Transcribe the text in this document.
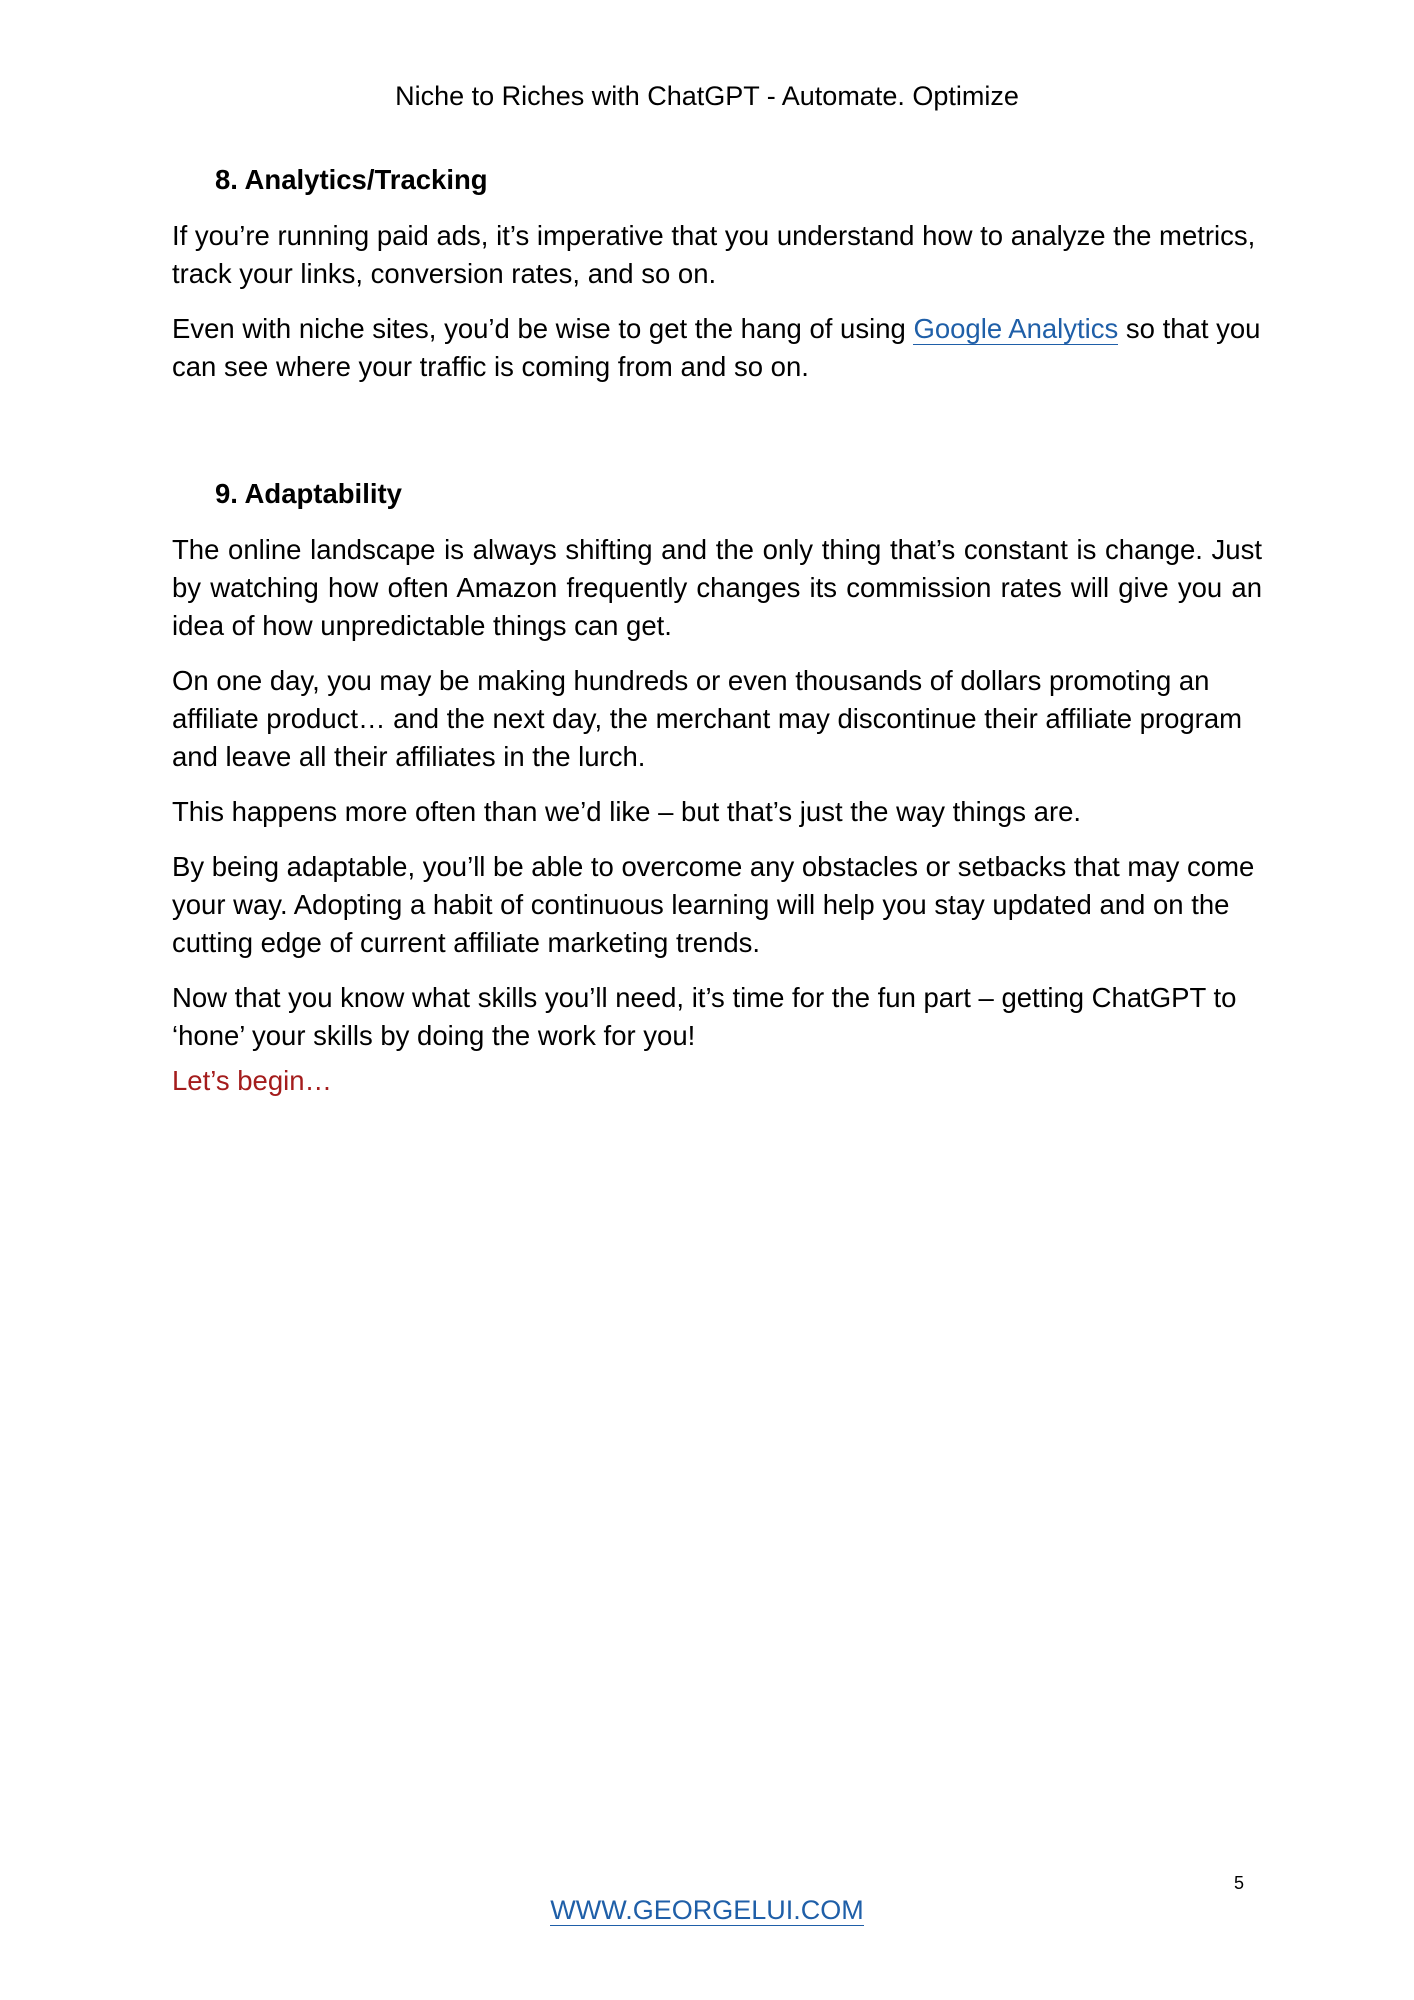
Niche to Riches with ChatGPT - Automate. Optimize
8. Analytics/Tracking

If you’re running paid ads, it’s imperative that you understand how to analyze the metrics, track your links, conversion rates, and so on.

Even with niche sites, you’d be wise to get the hang of using Google Analytics so that you can see where your traffic is coming from and so on.

9. Adaptability

The online landscape is always shifting and the only thing that’s constant is change. Just by watching how often Amazon frequently changes its commission rates will give you an idea of how unpredictable things can get.

On one day, you may be making hundreds or even thousands of dollars promoting an affiliate product… and the next day, the merchant may discontinue their affiliate program and leave all their affiliates in the lurch.

This happens more often than we’d like – but that’s just the way things are.

By being adaptable, you’ll be able to overcome any obstacles or setbacks that may come your way. Adopting a habit of continuous learning will help you stay updated and on the cutting edge of current affiliate marketing trends.

Now that you know what skills you’ll need, it’s time for the fun part – getting ChatGPT to ‘hone’ your skills by doing the work for you!

Let’s begin…

5
WWW.GEORGELUI.COM
